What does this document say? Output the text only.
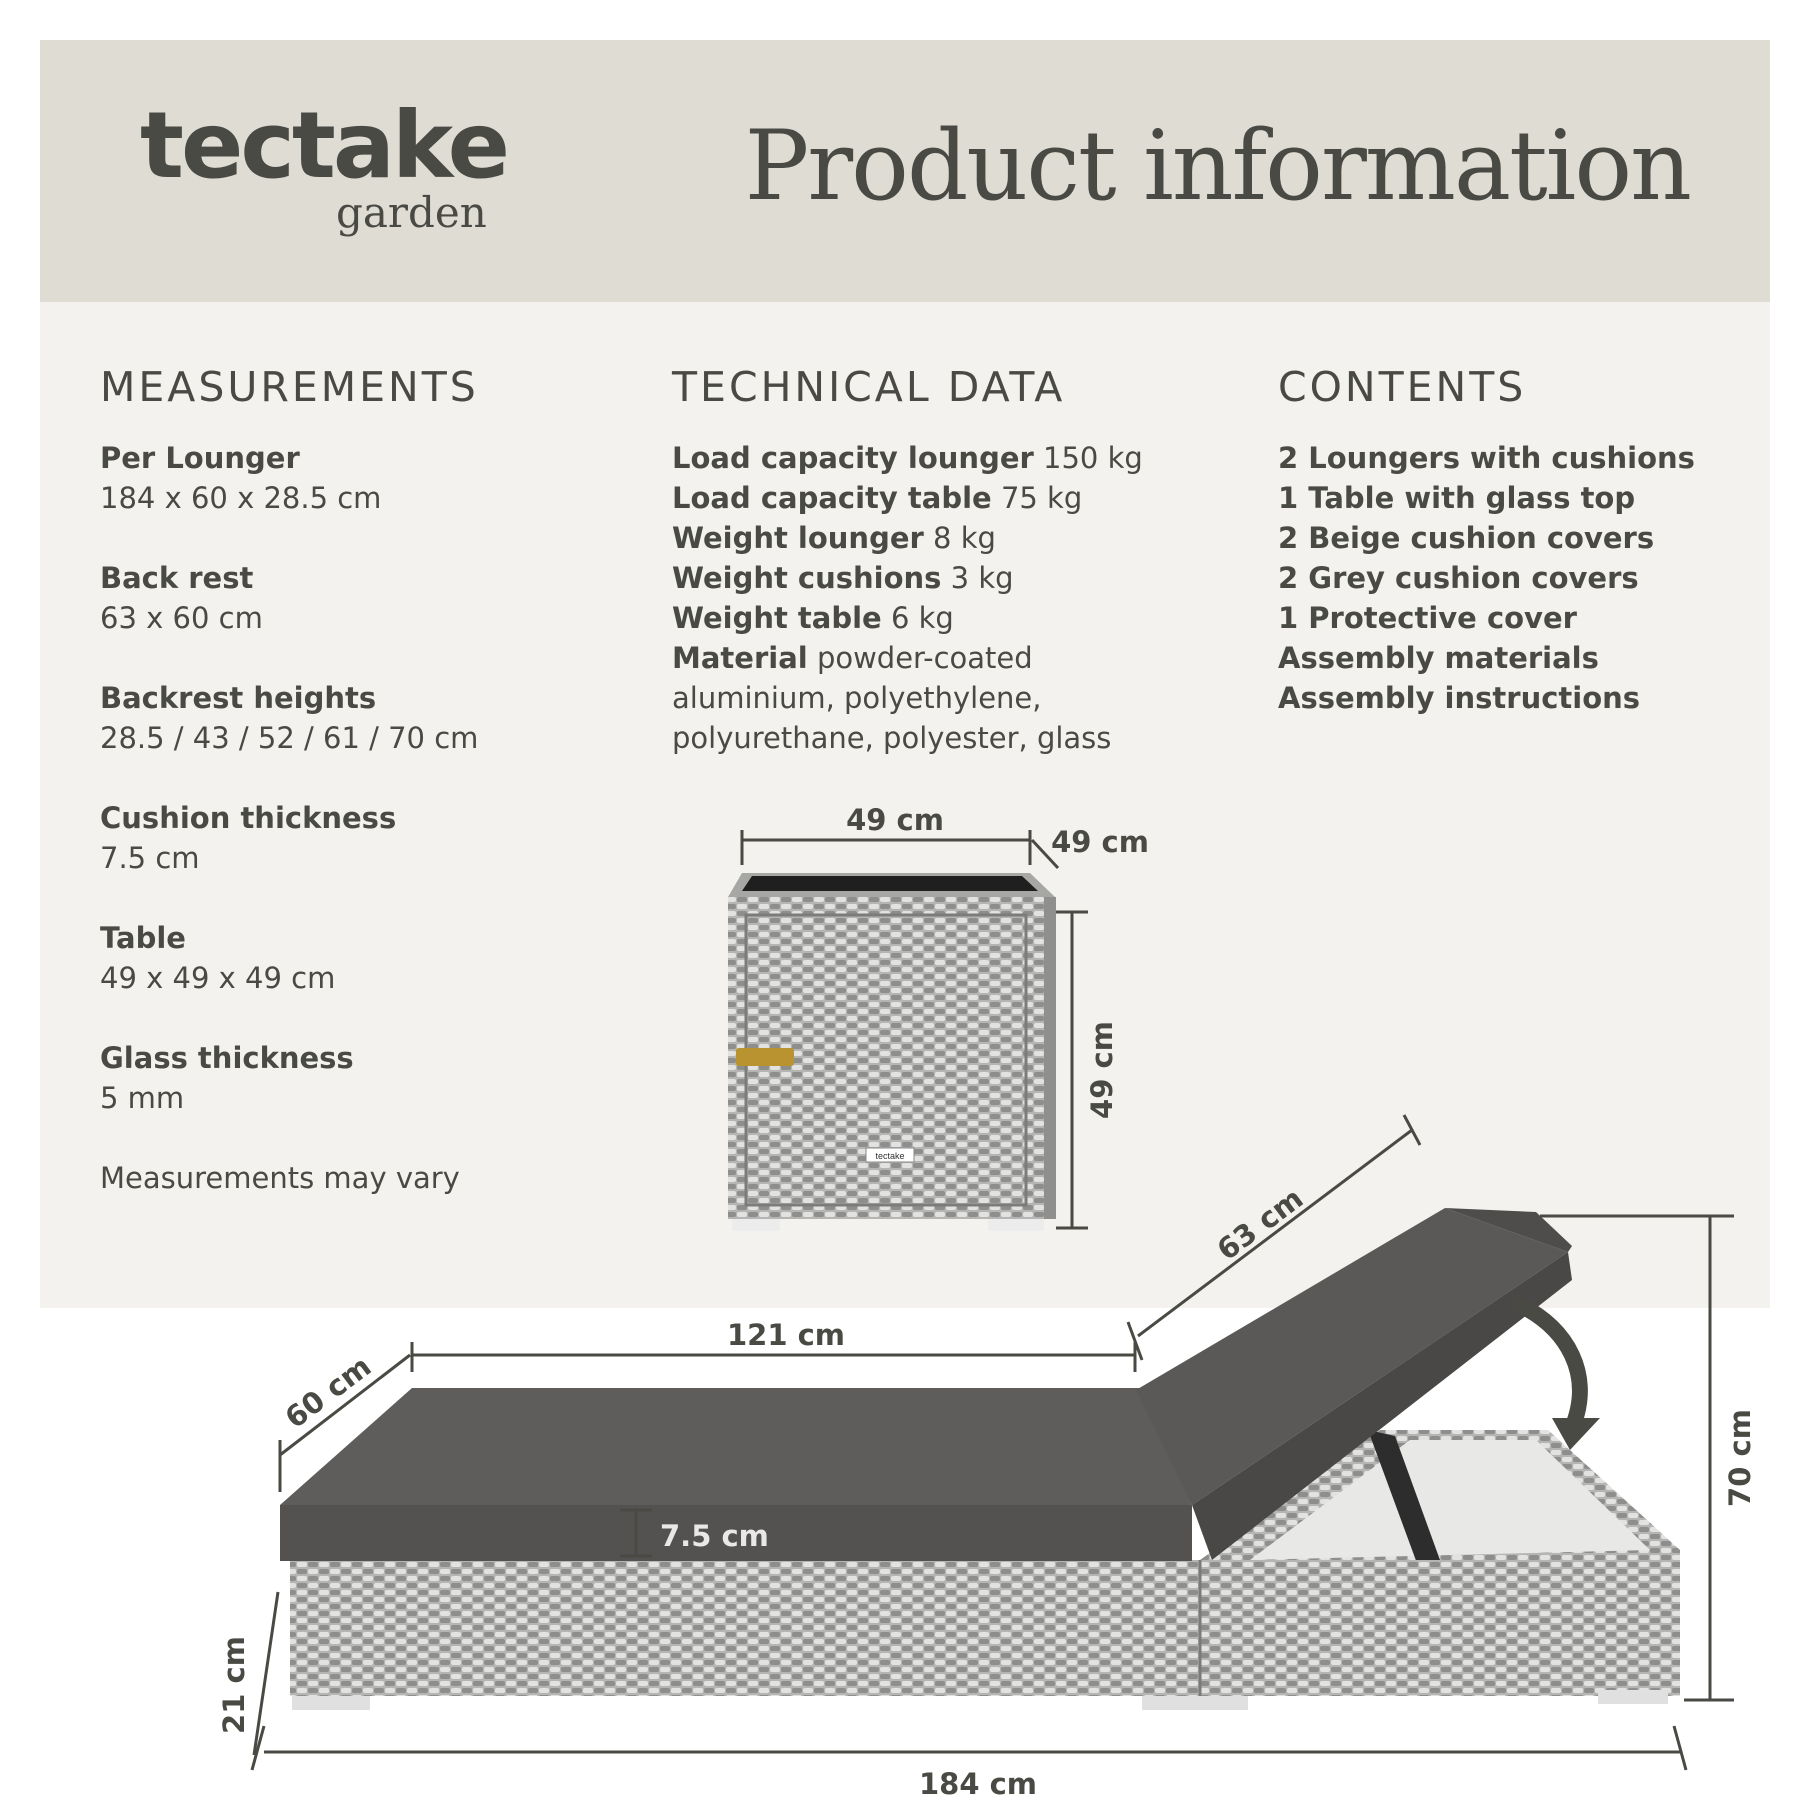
tectake
garden	Product information
MEASUREMENTS
Per Lounger
184 x 60 x 28.5 cm
Back rest
63 x 60 cm
Backrest heights
28.5 / 43 / 52 / 61 / 70 cm
Cushion thickness
7.5 cm
Table
49 x 49 x 49 cm
Glass thickness
5 mm
Measurements may vary
TECHNICAL DATA
Load capacity lounger 150 kg
Load capacity table 75 kg
Weight lounger 8 kg
Weight cushions 3 kg
Weight table 6 kg
Material powder-coated
aluminium, polyethylene,
polyurethane, polyester, glass
CONTENTS
2 Loungers with cushions
1 Table with glass top
2 Beige cushion covers
2 Grey cushion covers
1 Protective cover
Assembly materials
Assembly instructions
tectake
49 cm
49 cm
49 cm
121 cm
60 cm
63 cm
7.5 cm
70 cm
21 cm
184 cm
